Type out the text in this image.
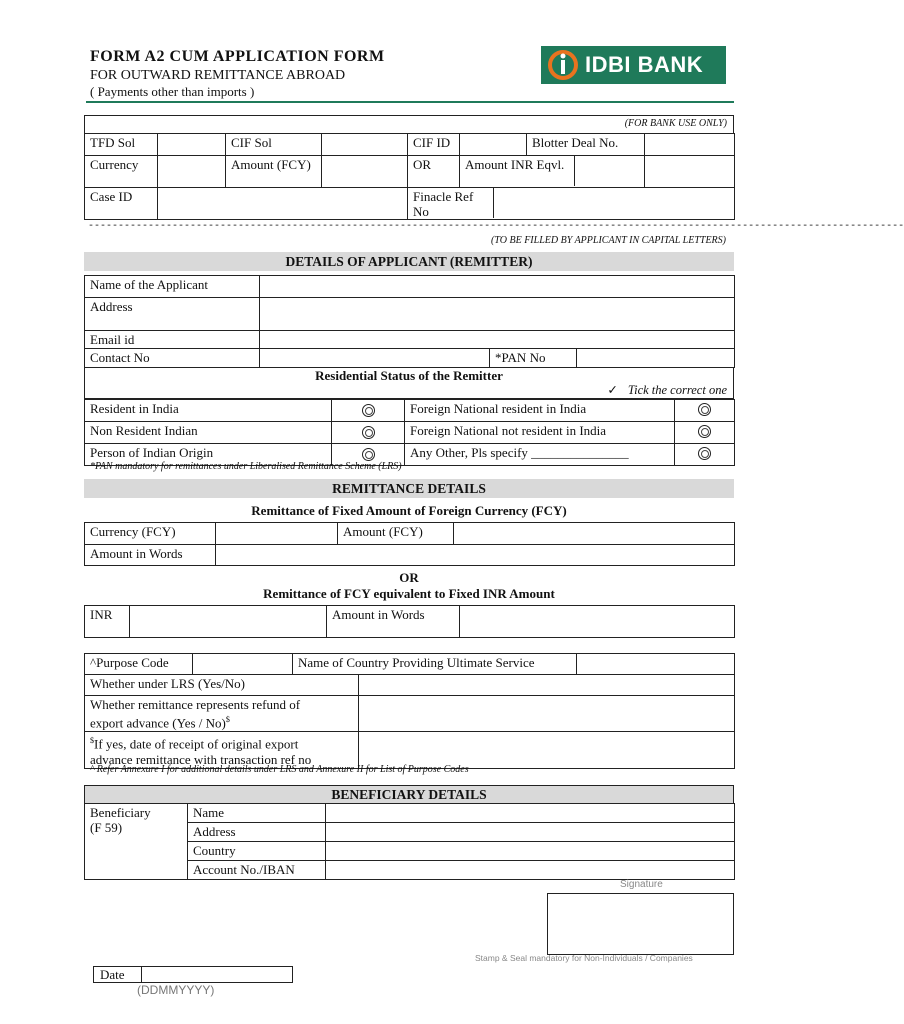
FORM A2 CUM APPLICATION FORM
FOR OUTWARD REMITTANCE ABROAD
( Payments other than imports )
IDBI BANK
(FOR BANK USE ONLY)
TFD Sol		CIF Sol		CIF ID		Blotter Deal No.	
Currency		Amount (FCY)		OR	Amount INR Eqvl.		

Case ID				Finacle Ref No			
----------------------------------------------------------------------------------------------------------------------------------------
(TO BE FILLED BY APPLICANT IN CAPITAL LETTERS)
DETAILS OF APPLICANT (REMITTER)
Name of the Applicant			
Address			
Email id			
Contact No		*PAN No	
Residential Status of the Remitter
✓ Tick the correct one
Resident in India		Foreign National resident in India	
Non Resident Indian		Foreign National not resident in India	
Person of Indian Origin		Any Other, Pls specify _______________	
*PAN mandatory for remittances under Liberalised Remittance Scheme (LRS)
REMITTANCE DETAILS
Remittance of Fixed Amount of Foreign Currency (FCY)
Currency (FCY)		Amount (FCY)	
Amount in Words			
OR
Remittance of FCY equivalent to Fixed INR Amount
INR		Amount in Words	
^Purpose Code		Name of Country Providing Ultimate Service	
Whether under LRS (Yes/No)	

Whether remittance represents refund of
export advance (Yes / No)$

$If yes, date of receipt of original export
advance remittance with transaction ref no	

^ Refer Annexure I for additional details under LRS and Annexure II for List of Purpose Codes
BENEFICIARY DETAILS
Beneficiary
(F 59)	Name	
	Address	
	Country	
	Account No./IBAN	
Signature
Stamp & Seal mandatory for Non-Individuals / Companies
Date
(DDMMYYYY)
